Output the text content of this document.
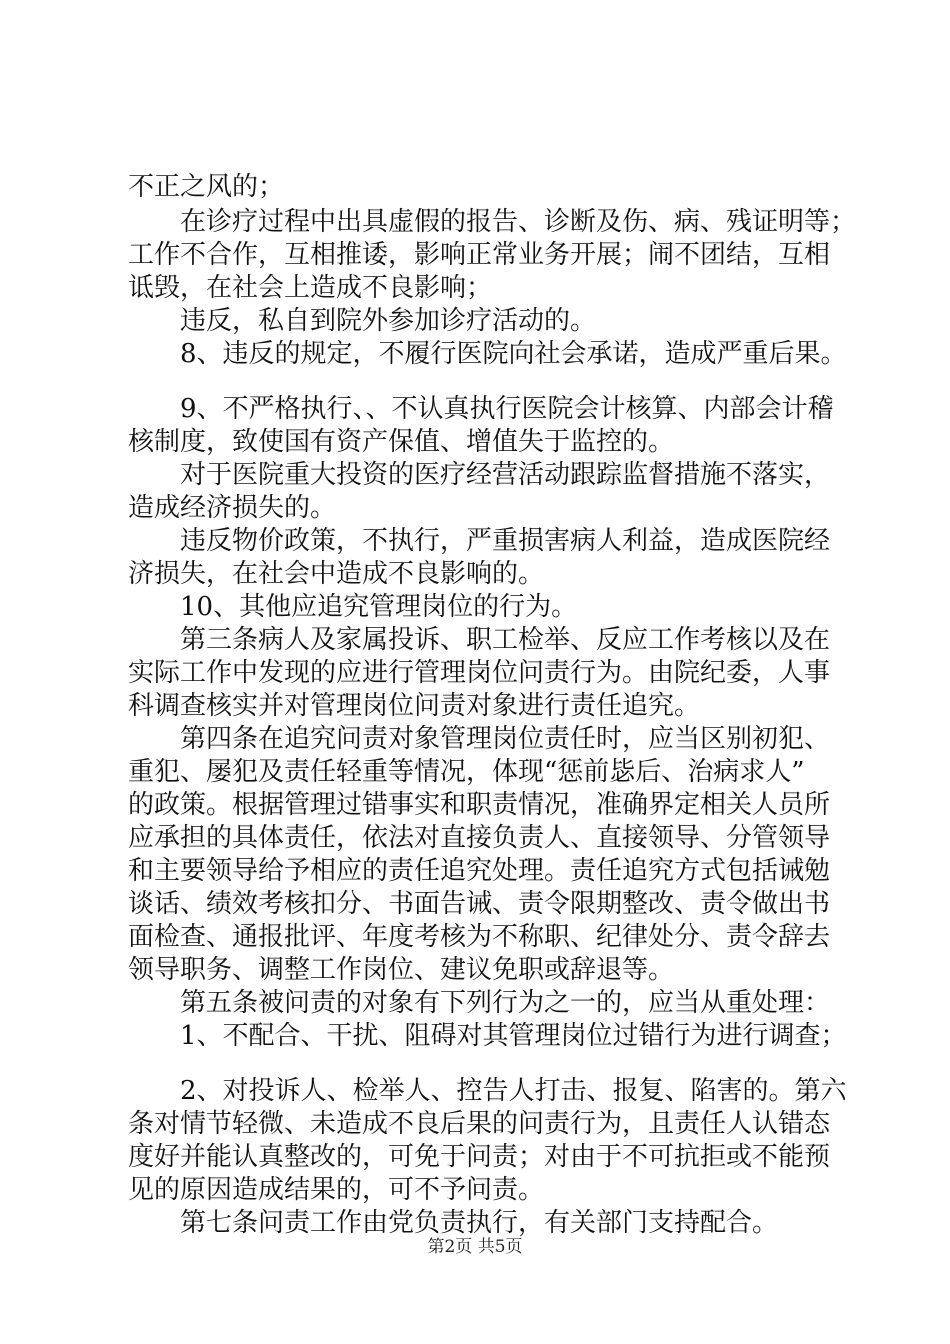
不正之风的；
　　在诊疗过程中出具虚假的报告、诊断及伤、病、残证明等；
工作不合作，互相推诿，影响正常业务开展；闹不团结，互相
诋毁，在社会上造成不良影响；
　　违反，私自到院外参加诊疗活动的。
　　8、违反的规定，不履行医院向社会承诺，造成严重后果。
　　9、不严格执行、、不认真执行医院会计核算、内部会计稽
核制度，致使国有资产保值、增值失于监控的。
　　对于医院重大投资的医疗经营活动跟踪监督措施不落实，
造成经济损失的。
　　违反物价政策，不执行，严重损害病人利益，造成医院经
济损失，在社会中造成不良影响的。
　　10、其他应追究管理岗位的行为。
　　第三条病人及家属投诉、职工检举、反应工作考核以及在
实际工作中发现的应进行管理岗位问责行为。由院纪委，人事
科调查核实并对管理岗位问责对象进行责任追究。
　　第四条在追究问责对象管理岗位责任时，应当区别初犯、
重犯、屡犯及责任轻重等情况，体现“惩前毖后、治病求人”
的政策。根据管理过错事实和职责情况，准确界定相关人员所
应承担的具体责任，依法对直接负责人、直接领导、分管领导
和主要领导给予相应的责任追究处理。责任追究方式包括诫勉
谈话、绩效考核扣分、书面告诫、责令限期整改、责令做出书
面检查、通报批评、年度考核为不称职、纪律处分、责令辞去
领导职务、调整工作岗位、建议免职或辞退等。
　　第五条被问责的对象有下列行为之一的，应当从重处理：
　　1、不配合、干扰、阻碍对其管理岗位过错行为进行调查；
　　2、对投诉人、检举人、控告人打击、报复、陷害的。第六
条对情节轻微、未造成不良后果的问责行为，且责任人认错态
度好并能认真整改的，可免于问责；对由于不可抗拒或不能预
见的原因造成结果的，可不予问责。
　　第七条问责工作由党负责执行，有关部门支持配合。
第2页 共5页
